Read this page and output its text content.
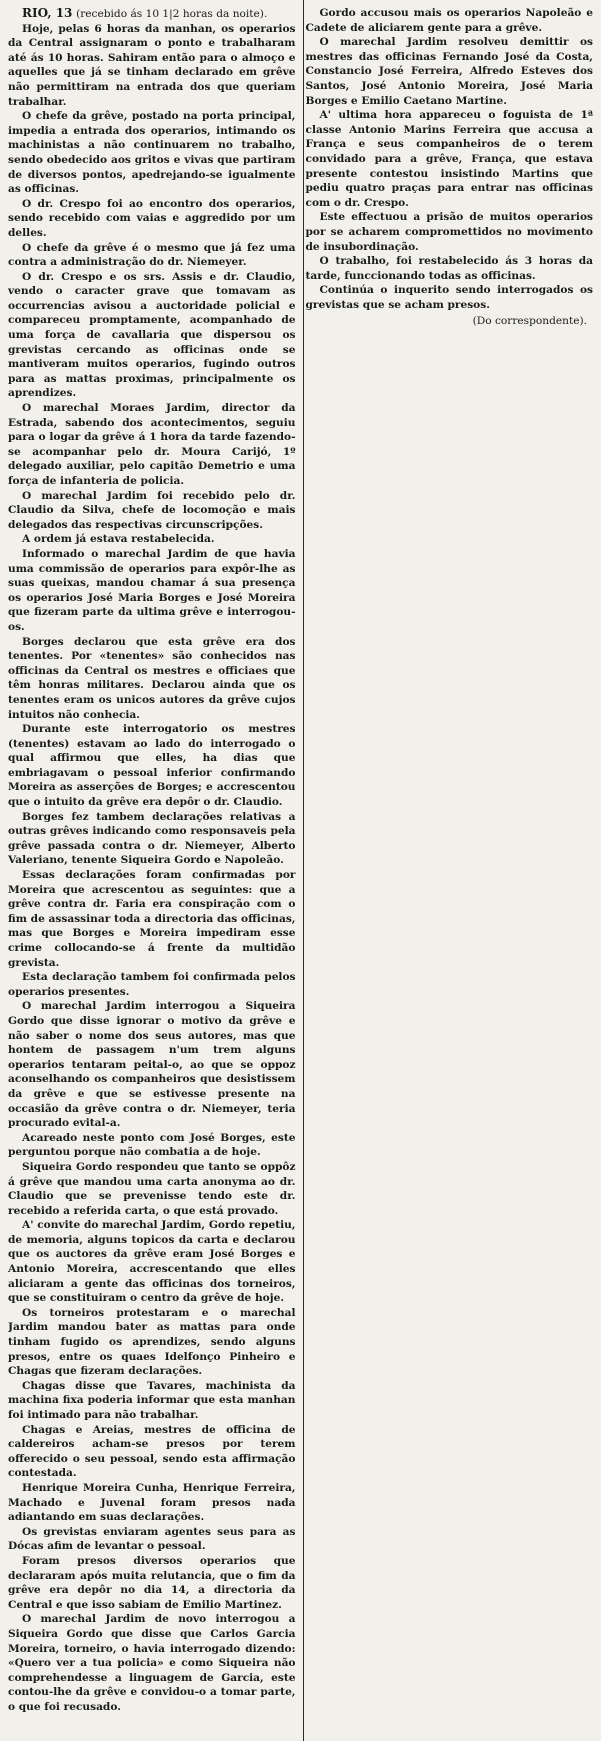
RIO, 13 (recebido ás 10 1|2 horas da noite).

Hoje, pelas 6 horas da manhan, os operarios da Central assignaram o ponto e trabalharam até ás 10 horas. Sahiram então para o almoço e aquelles que já se tinham declarado em grêve não permittiram na entrada dos que queriam trabalhar.

O chefe da grêve, postado na porta principal, impedia a entrada dos operarios, intimando os machinistas a não continuarem no trabalho, sendo obedecido aos gritos e vivas que partiram de diversos pontos, apedrejando-se igualmente as officinas.

O dr. Crespo foi ao encontro dos operarios, sendo recebido com vaias e aggredido por um delles.

O chefe da grêve é o mesmo que já fez uma contra a administração do dr. Niemeyer.

O dr. Crespo e os srs. Assis e dr. Claudio, vendo o caracter grave que tomavam as occurrencias avisou a auctoridade policial e compareceu promptamente, acompanhado de uma força de cavallaria que dispersou os grevistas cercando as officinas onde se mantiveram muitos operarios, fugindo outros para as mattas proximas, principalmente os aprendizes.

O marechal Moraes Jardim, director da Estrada, sabendo dos acontecimentos, seguiu para o logar da grêve á 1 hora da tarde fazendo-se acompanhar pelo dr. Moura Carijó, 1º delegado auxiliar, pelo capitão Demetrio e uma força de infanteria de policia.

O marechal Jardim foi recebido pelo dr. Claudio da Silva, chefe de locomoção e mais delegados das respectivas circunscripções.

A ordem já estava restabelecida.

Informado o marechal Jardim de que havia uma commissão de operarios para expôr-lhe as suas queixas, mandou chamar á sua presença os operarios José Maria Borges e José Moreira que fizeram parte da ultima grêve e interrogou-os.

Borges declarou que esta grêve era dos tenentes. Por «tenentes» são conhecidos nas officinas da Central os mestres e officiaes que têm honras militares. Declarou ainda que os tenentes eram os unicos autores da grêve cujos intuitos não conhecia.

Durante este interrogatorio os mestres (tenentes) estavam ao lado do interrogado o qual affirmou que elles, ha dias que embriagavam o pessoal inferior confirmando Moreira as asserções de Borges; e accrescentou que o intuito da grêve era depôr o dr. Claudio.

Borges fez tambem declarações relativas a outras grêves indicando como responsaveis pela grêve passada contra o dr. Niemeyer, Alberto Valeriano, tenente Siqueira Gordo e Napoleão.

Essas declarações foram confirmadas por Moreira que acrescentou as seguintes: que a grêve contra dr. Faria era conspiração com o fim de assassinar toda a directoria das officinas, mas que Borges e Moreira impediram esse crime collocando-se á frente da multidão grevista.

Esta declaração tambem foi confirmada pelos operarios presentes.

O marechal Jardim interrogou a Siqueira Gordo que disse ignorar o motivo da grêve e não saber o nome dos seus autores, mas que hontem de passagem n'um trem alguns operarios tentaram peital-o, ao que se oppoz aconselhando os companheiros que desistissem da grêve e que se estivesse presente na occasião da grêve contra o dr. Niemeyer, teria procurado evital-a.

Acareado neste ponto com José Borges, este perguntou porque não combatia a de hoje.

Siqueira Gordo respondeu que tanto se oppôz á grêve que mandou uma carta anonyma ao dr. Claudio que se prevenisse tendo este dr. recebido a referida carta, o que está provado.

A' convite do marechal Jardim, Gordo repetiu, de memoria, alguns topicos da carta e declarou que os auctores da grêve eram José Borges e Antonio Moreira, accrescentando que elles aliciaram a gente das officinas dos torneiros, que se constituiram o centro da grêve de hoje.

Os torneiros protestaram e o marechal Jardim mandou bater as mattas para onde tinham fugido os aprendizes, sendo alguns presos, entre os quaes Idelfonço Pinheiro e Chagas que fizeram declarações.

Chagas disse que Tavares, machinista da machina fixa poderia informar que esta manhan foi intimado para não trabalhar.

Chagas e Areias, mestres de officina de caldereiros acham-se presos por terem offerecido o seu pessoal, sendo esta affirmação contestada.

Henrique Moreira Cunha, Henrique Ferreira, Machado e Juvenal foram presos nada adiantando em suas declarações.

Os grevistas enviaram agentes seus para as Dócas afim de levantar o pessoal.

Foram presos diversos operarios que declararam após muita relutancia, que o fim da grêve era depôr no dia 14, a directoria da Central e que isso sabiam de Emilio Martinez.

O marechal Jardim de novo interrogou a Siqueira Gordo que disse que Carlos Garcia Moreira, torneiro, o havia interrogado dizendo: «Quero ver a tua policia» e como Siqueira não comprehendesse a linguagem de Garcia, este contou-lhe da grêve e convidou-o a tomar parte, o que foi recusado.

Gordo accusou mais os operarios Napoleão e Cadete de aliciarem gente para a grêve.

O marechal Jardim resolveu demittir os mestres das officinas Fernando José da Costa, Constancio José Ferreira, Alfredo Esteves dos Santos, José Antonio Moreira, José Maria Borges e Emilio Caetano Martine.

A' ultima hora appareceu o foguista de 1ª classe Antonio Marins Ferreira que accusa a França e seus companheiros de o terem convidado para a grêve, França, que estava presente contestou insistindo Martins que pediu quatro praças para entrar nas officinas com o dr. Crespo.

Este effectuou a prisão de muitos operarios por se acharem compromettidos no movimento de insubordinação.

O trabalho, foi restabelecido ás 3 horas da tarde, funccionando todas as officinas.

Continúa o inquerito sendo interrogados os grevistas que se acham presos.

(Do correspondente).
